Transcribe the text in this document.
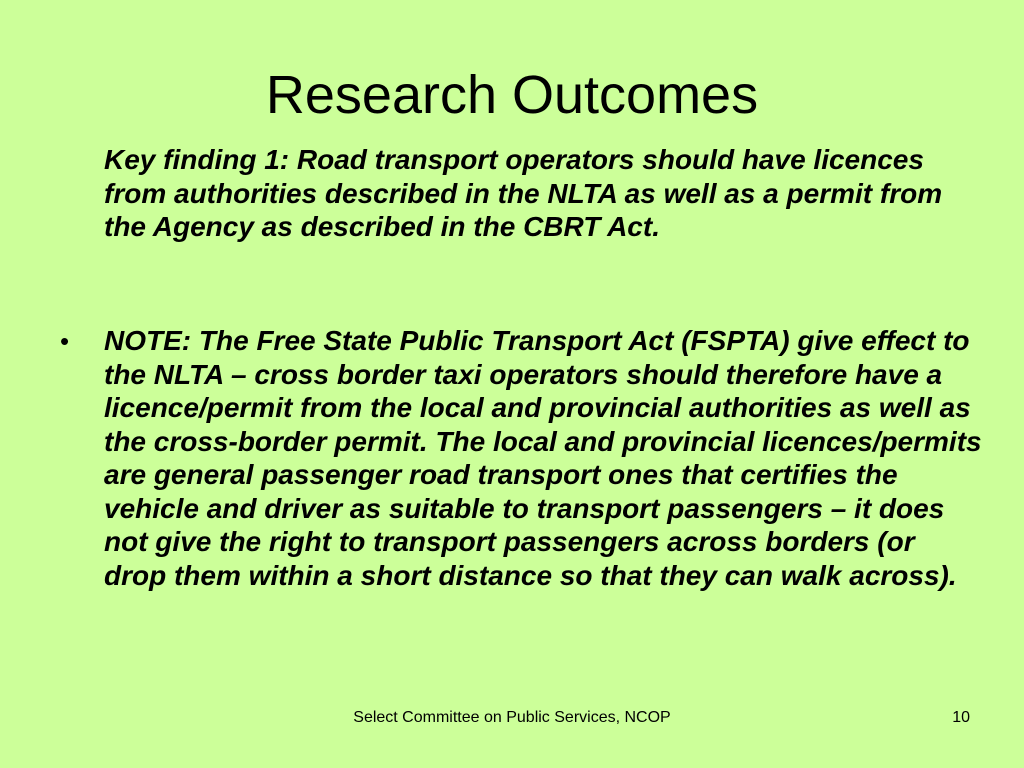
Research Outcomes
Key finding 1: Road transport operators should have licences from authorities described in the NLTA as well as a permit from the Agency as described in the CBRT Act.
• NOTE: The Free State Public Transport Act (FSPTA) give effect to the NLTA – cross border taxi operators should therefore have a licence/permit from the local and provincial authorities as well as the cross-border permit. The local and provincial licences/permits are general passenger road transport ones that certifies the vehicle and driver as suitable to transport passengers – it does not give the right to transport passengers across borders (or drop them within a short distance so that they can walk across).
Select Committee on Public Services, NCOP	10
